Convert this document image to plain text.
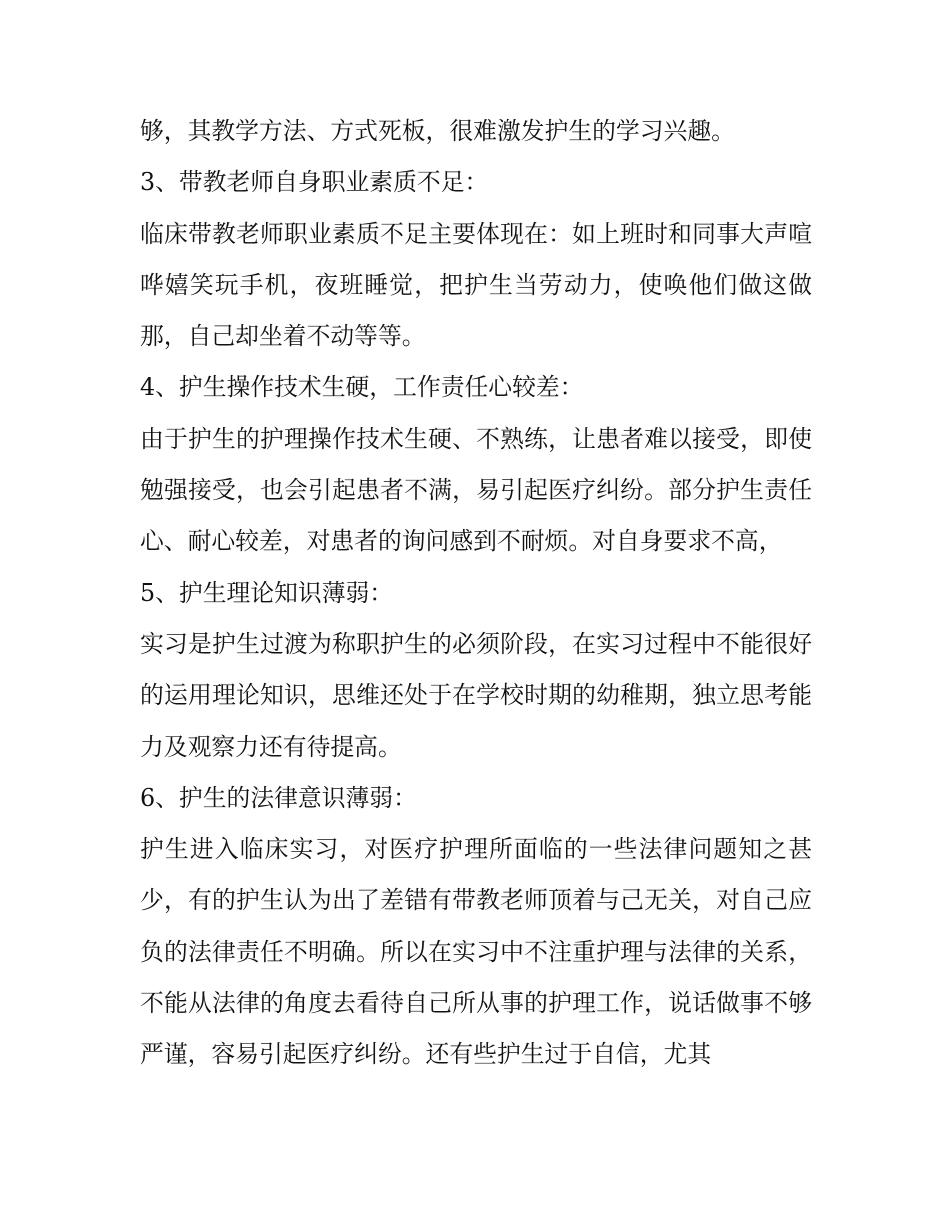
够，其教学方法、方式死板，很难激发护生的学习兴趣。

3、带教老师自身职业素质不足：

临床带教老师职业素质不足主要体现在：如上班时和同事大声喧哗嬉笑玩手机，夜班睡觉，把护生当劳动力，使唤他们做这做那，自己却坐着不动等等。

4、护生操作技术生硬，工作责任心较差：

由于护生的护理操作技术生硬、不熟练，让患者难以接受，即使勉强接受，也会引起患者不满，易引起医疗纠纷。部分护生责任心、耐心较差，对患者的询问感到不耐烦。对自身要求不高，

5、护生理论知识薄弱：

实习是护生过渡为称职护生的必须阶段，在实习过程中不能很好的运用理论知识，思维还处于在学校时期的幼稚期，独立思考能力及观察力还有待提高。

6、护生的法律意识薄弱：

护生进入临床实习，对医疗护理所面临的一些法律问题知之甚少，有的护生认为出了差错有带教老师顶着与己无关，对自己应负的法律责任不明确。所以在实习中不注重护理与法律的关系，不能从法律的角度去看待自己所从事的护理工作，说话做事不够严谨，容易引起医疗纠纷。还有些护生过于自信，尤其
